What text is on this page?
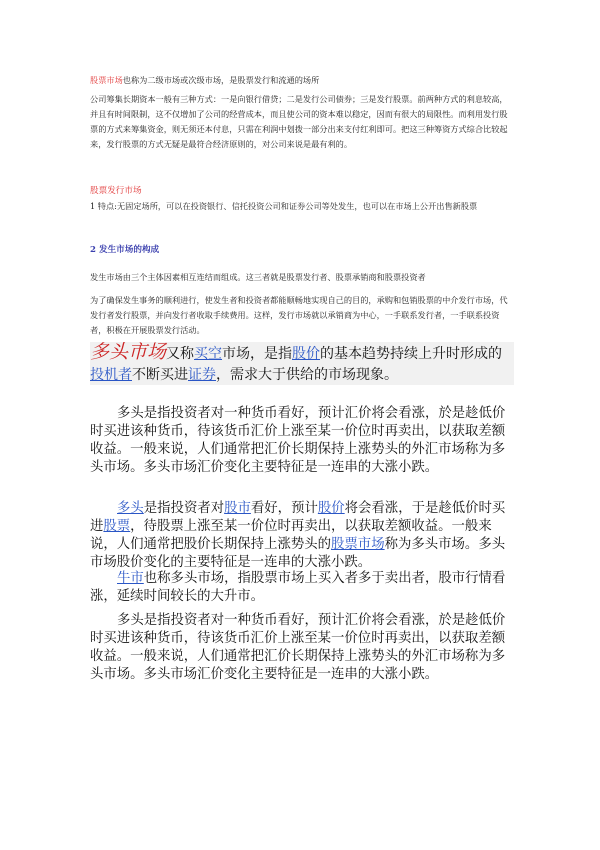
股票市场也称为二级市场或次级市场，是股票发行和流通的场所

公司筹集长期资本一般有三种方式：一是向银行借贷；二是发行公司债券；三是发行股票。前两种方式的利息较高，并且有时间限制，这不仅增加了公司的经营成本，而且使公司的资本难以稳定，因而有很大的局限性。而利用发行股票的方式来筹集资金，则无须还本付息，只需在利润中划拨一部分出来支付红利即可。把这三种筹资方式综合比较起来，发行股票的方式无疑是最符合经济原则的，对公司来说是最有利的。

股票发行市场

1 特点:无固定场所，可以在投资银行、信托投资公司和证券公司等处发生，也可以在市场上公开出售新股票

2 发生市场的构成

发生市场由三个主体因素相互连结而组成。这三者就是股票发行者、股票承销商和股票投资者

为了确保发生事务的顺利进行，使发生者和投资者都能顺畅地实现自己的目的，承购和包销股票的中介发行市场，代发行者发行股票，并向发行者收取手续费用。这样，发行市场就以承销商为中心，一手联系发行者，一手联系投资者，积极在开展股票发行活动。

多头市场又称买空市场，是指股价的基本趋势持续上升时形成的投机者不断买进证券，需求大于供给的市场现象。

多头是指投资者对一种货币看好，预计汇价将会看涨，於是趁低价时买进该种货币，待该货币汇价上涨至某一价位时再卖出，以获取差额收益。一般来说，人们通常把汇价长期保持上涨势头的外汇市场称为多头市场。多头市场汇价变化主要特征是一连串的大涨小跌。

多头是指投资者对股市看好，预计股价将会看涨，于是趁低价时买进股票，待股票上涨至某一价位时再卖出，以获取差额收益。一般来说，人们通常把股价长期保持上涨势头的股票市场称为多头市场。多头市场股价变化的主要特征是一连串的大涨小跌。

牛市也称多头市场，指股票市场上买入者多于卖出者，股市行情看涨，延续时间较长的大升市。

多头是指投资者对一种货币看好，预计汇价将会看涨，於是趁低价时买进该种货币，待该货币汇价上涨至某一价位时再卖出，以获取差额收益。一般来说，人们通常把汇价长期保持上涨势头的外汇市场称为多头市场。多头市场汇价变化主要特征是一连串的大涨小跌。
